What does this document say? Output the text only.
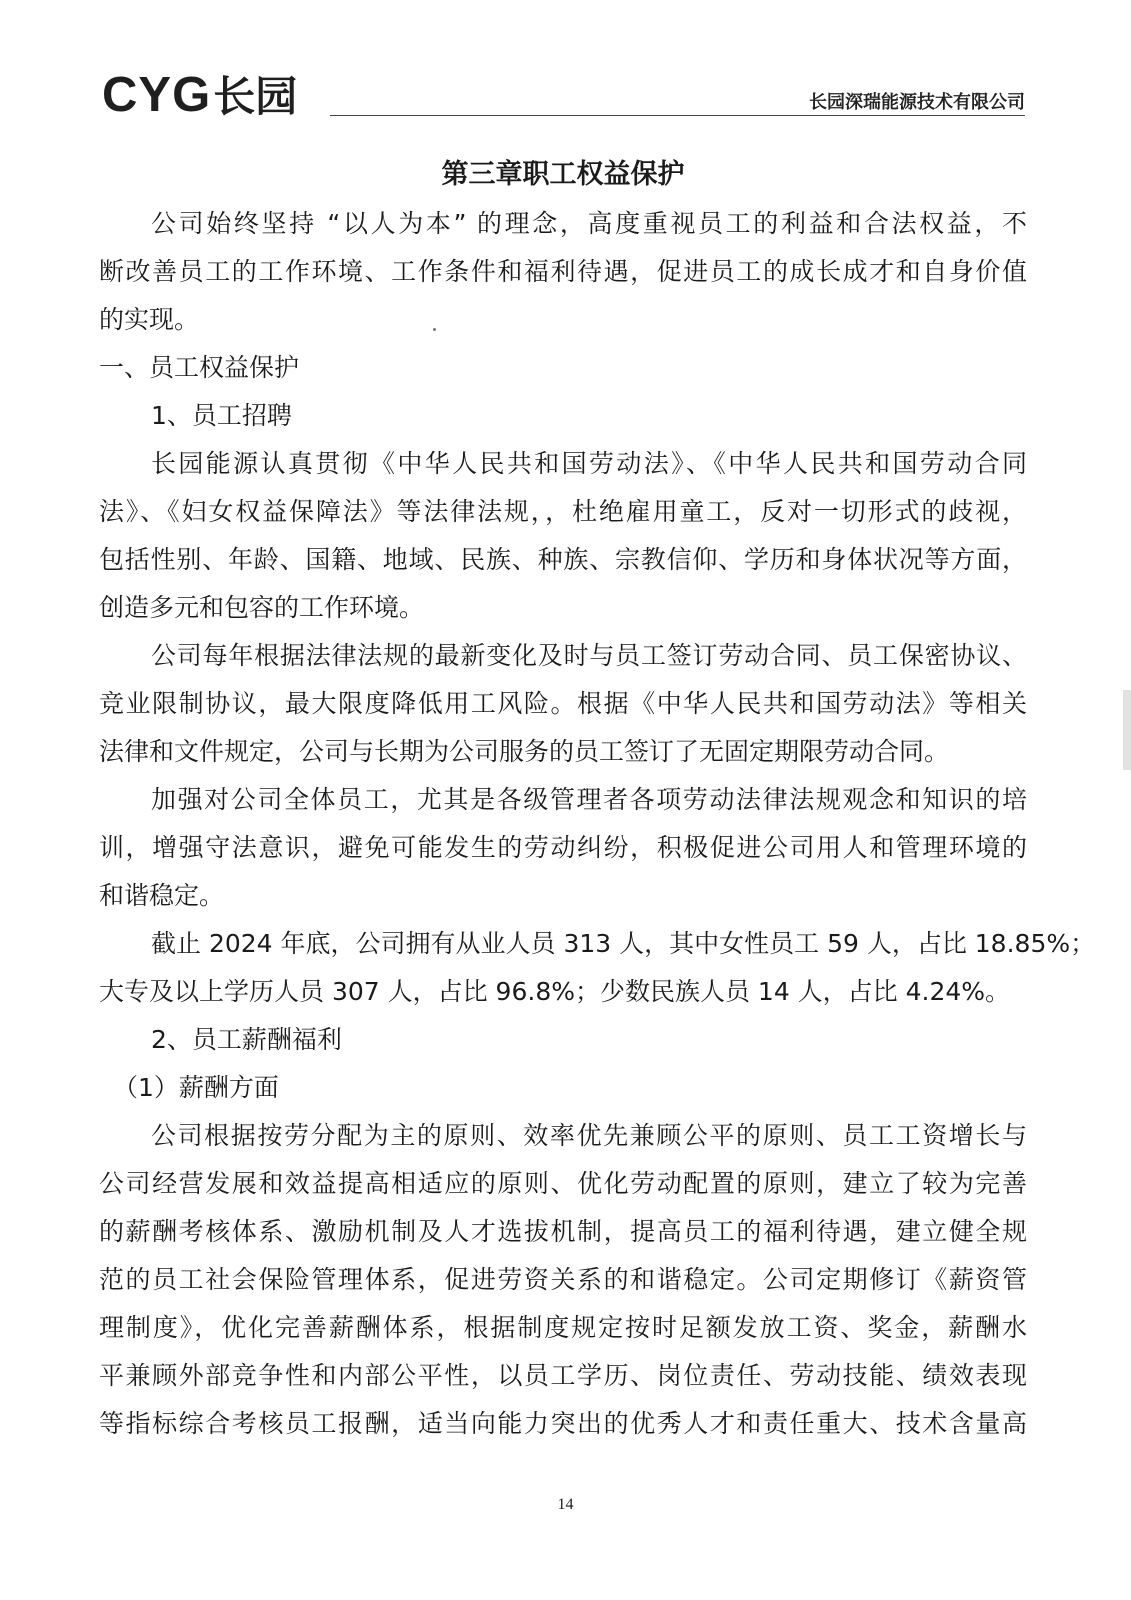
CYG 长园	长园深瑞能源技术有限公司
第三章职工权益保护
公司始终坚持 “以人为本” 的理念，高度重视员工的利益和合法权益，不
断改善员工的工作环境、工作条件和福利待遇，促进员工的成长成才和自身价值
的实现。
一、员工权益保护
1、员工招聘
长园能源认真贯彻《中华人民共和国劳动法》、《中华人民共和国劳动合同
法》、《妇女权益保障法》等法律法规，，杜绝雇用童工，反对一切形式的歧视，
包括性别、年龄、国籍、地域、民族、种族、宗教信仰、学历和身体状况等方面，
创造多元和包容的工作环境。
公司每年根据法律法规的最新变化及时与员工签订劳动合同、员工保密协议、
竞业限制协议，最大限度降低用工风险。根据《中华人民共和国劳动法》等相关
法律和文件规定，公司与长期为公司服务的员工签订了无固定期限劳动合同。
加强对公司全体员工，尤其是各级管理者各项劳动法律法规观念和知识的培
训，增强守法意识，避免可能发生的劳动纠纷，积极促进公司用人和管理环境的
和谐稳定。
截止 2024 年底，公司拥有从业人员 313 人，其中女性员工 59 人，占比 18.85%；
大专及以上学历人员 307 人，占比 96.8%；少数民族人员 14 人，占比 4.24%。
2、员工薪酬福利
（1）薪酬方面
公司根据按劳分配为主的原则、效率优先兼顾公平的原则、员工工资增长与
公司经营发展和效益提高相适应的原则、优化劳动配置的原则，建立了较为完善
的薪酬考核体系、激励机制及人才选拔机制，提高员工的福利待遇，建立健全规
范的员工社会保险管理体系，促进劳资关系的和谐稳定。公司定期修订《薪资管
理制度》，优化完善薪酬体系，根据制度规定按时足额发放工资、奖金，薪酬水
平兼顾外部竞争性和内部公平性，以员工学历、岗位责任、劳动技能、绩效表现
等指标综合考核员工报酬，适当向能力突出的优秀人才和责任重大、技术含量高
14
